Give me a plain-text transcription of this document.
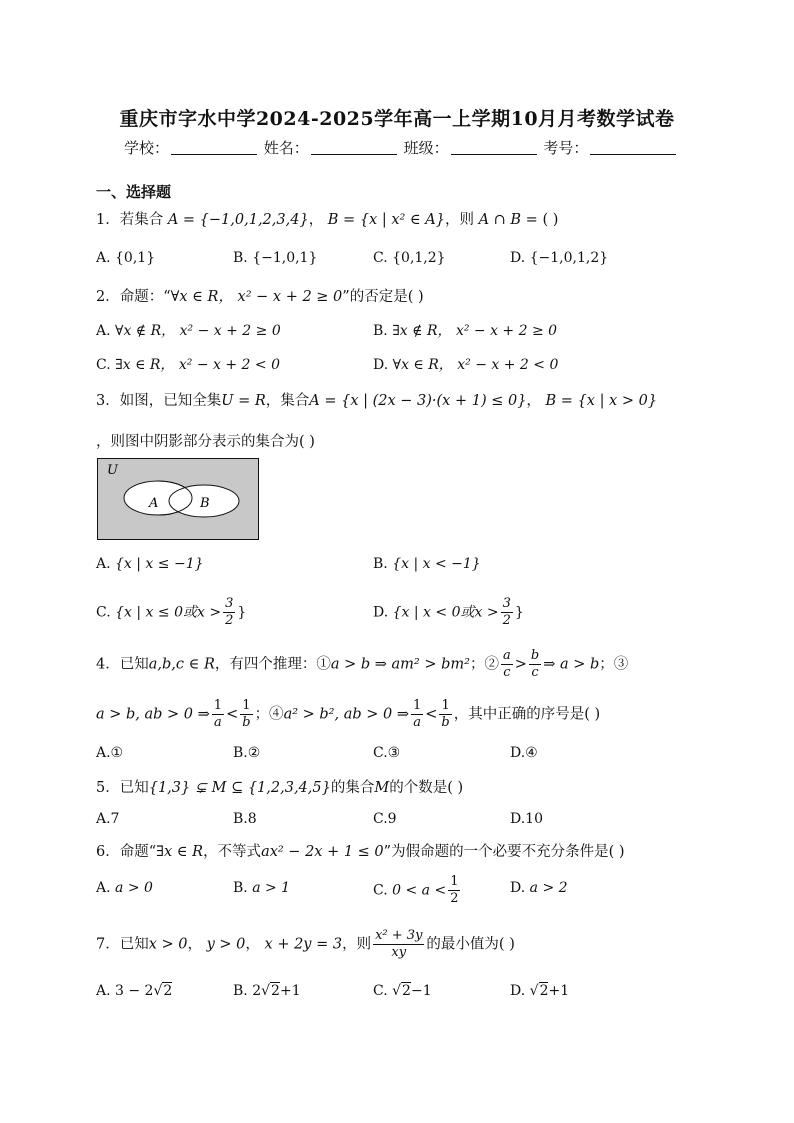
重庆市字水中学2024-2025学年高一上学期10月月考数学试卷
学校：	姓名：	班级：	考号：
一、选择题
1．若集合 A = {−1,0,1,2,3,4}， B = {x | x² ∈ A}，则 A ∩ B = ( )
A. {0,1}	B. {−1,0,1}	C. {0,1,2}	D. {−1,0,1,2}
2．命题：“∀x ∈ R， x² − x + 2 ≥ 0”的否定是( )
A. ∀x ∉ R， x² − x + 2 ≥ 0	B. ∃x ∉ R， x² − x + 2 ≥ 0
C. ∃x ∈ R， x² − x + 2 < 0	D. ∀x ∈ R， x² − x + 2 < 0
3．如图，已知全集U = R，集合A = {x | (2x − 3)·(x + 1) ≤ 0}， B = {x | x > 0}
，则图中阴影部分表示的集合为( )
U
A	B
A. {x | x ≤ −1}	B. {x | x < −1}
C. {x | x ≤ 0或$x > \frac{3}{2}$ }	D. {x | x < 0或$x > \frac{3}{2}$ }
4．已知a,b,c ∈ R，有四个推理：①a > b ⇒ am² > bm²；② $\frac{a}{c} > \frac{b}{c}$ ⇒ a > b；③
a > b, ab > 0 ⇒ $\frac{1}{a} < \frac{1}{b}$ ；④a² > b², ab > 0 ⇒ $\frac{1}{a} < \frac{1}{b}$ ，其中正确的序号是( )
A.①	B.②	C.③	D.④
5．已知{1,3} ⊊ M ⊆ {1,2,3,4,5}的集合M的个数是( )
A.7	B.8	C.9	D.10
6．命题“∃x ∈ R，不等式ax² − 2x + 1 ≤ 0”为假命题的一个必要不充分条件是( )
A. a > 0	B. a > 1	C. $0 < a < \frac{1}{2}$	D. a > 2
7．已知x > 0， y > 0， x + 2y = 3，则 $\frac{\text{x² + 3y}}{xy}$ 的最小值为( )
A. 3 − 2√2	B. 2√2+1	C. √2−1	D. √2+1
